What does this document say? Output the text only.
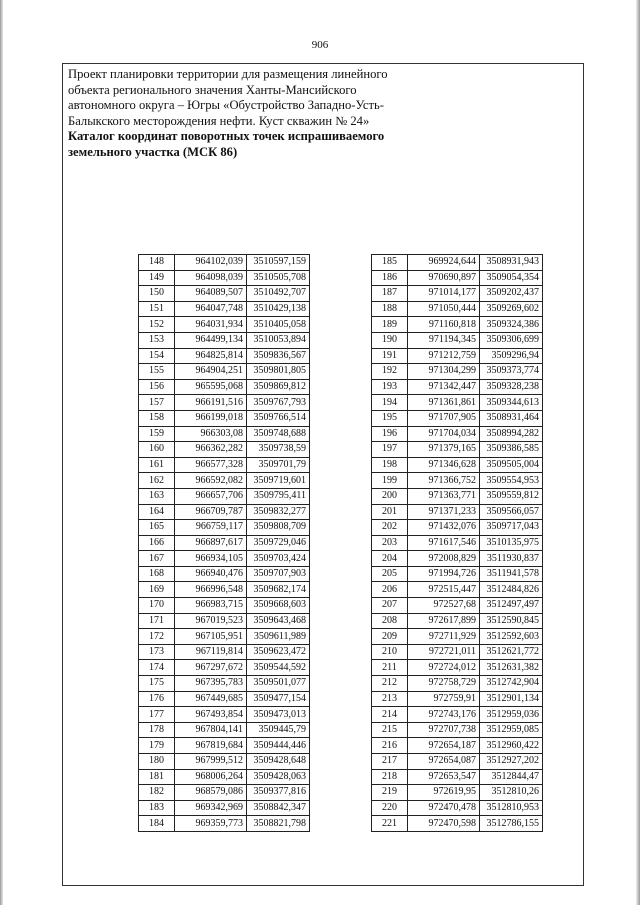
906
Проект планировки территории для размещения линейного объекта регионального значения Ханты-Мансийского автономного округа – Югры «Обустройство Западно-Усть-Балыкского месторождения нефти. Куст скважин № 24»
Каталог координат поворотных точек испрашиваемого земельного участка (МСК 86)
148	964102,039	3510597,159
149	964098,039	3510505,708
150	964089,507	3510492,707
151	964047,748	3510429,138
152	964031,934	3510405,058
153	964499,134	3510053,894
154	964825,814	3509836,567
155	964904,251	3509801,805
156	965595,068	3509869,812
157	966191,516	3509767,793
158	966199,018	3509766,514
159	966303,08	3509748,688
160	966362,282	3509738,59
161	966577,328	3509701,79
162	966592,082	3509719,601
163	966657,706	3509795,411
164	966709,787	3509832,277
165	966759,117	3509808,709
166	966897,617	3509729,046
167	966934,105	3509703,424
168	966940,476	3509707,903
169	966996,548	3509682,174
170	966983,715	3509668,603
171	967019,523	3509643,468
172	967105,951	3509611,989
173	967119,814	3509623,472
174	967297,672	3509544,592
175	967395,783	3509501,077
176	967449,685	3509477,154
177	967493,854	3509473,013
178	967804,141	3509445,79
179	967819,684	3509444,446
180	967999,512	3509428,648
181	968006,264	3509428,063
182	968579,086	3509377,816
183	969342,969	3508842,347
184	969359,773	3508821,798
185	969924,644	3508931,943
186	970690,897	3509054,354
187	971014,177	3509202,437
188	971050,444	3509269,602
189	971160,818	3509324,386
190	971194,345	3509306,699
191	971212,759	3509296,94
192	971304,299	3509373,774
193	971342,447	3509328,238
194	971361,861	3509344,613
195	971707,905	3508931,464
196	971704,034	3508994,282
197	971379,165	3509386,585
198	971346,628	3509505,004
199	971366,752	3509554,953
200	971363,771	3509559,812
201	971371,233	3509566,057
202	971432,076	3509717,043
203	971617,546	3510135,975
204	972008,829	3511930,837
205	971994,726	3511941,578
206	972515,447	3512484,826
207	972527,68	3512497,497
208	972617,899	3512590,845
209	972711,929	3512592,603
210	972721,011	3512621,772
211	972724,012	3512631,382
212	972758,729	3512742,904
213	972759,91	3512901,134
214	972743,176	3512959,036
215	972707,738	3512959,085
216	972654,187	3512960,422
217	972654,087	3512927,202
218	972653,547	3512844,47
219	972619,95	3512810,26
220	972470,478	3512810,953
221	972470,598	3512786,155
